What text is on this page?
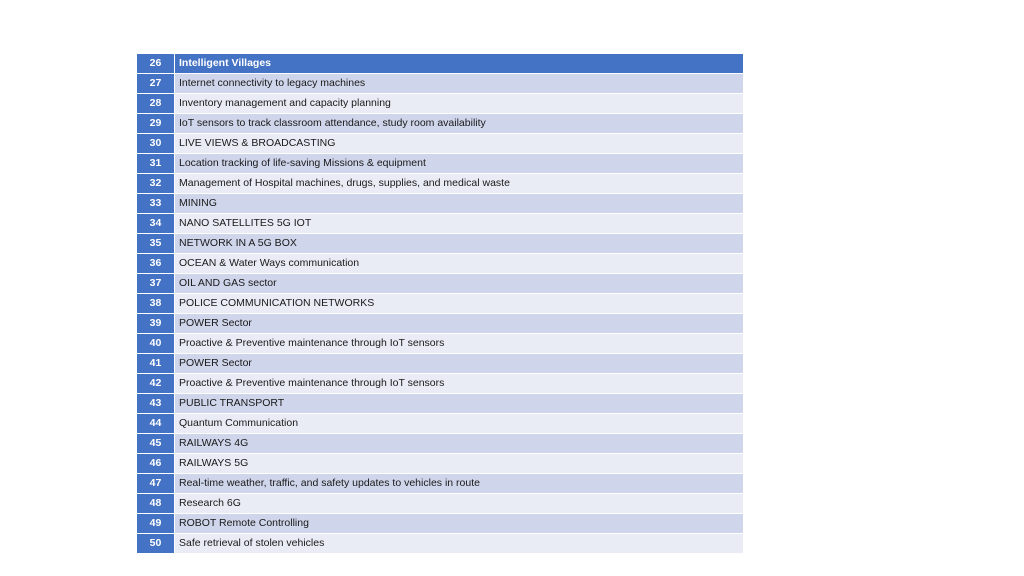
26	Intelligent Villages
27	Internet connectivity to legacy machines
28	Inventory management and capacity planning
29	IoT sensors to track classroom attendance, study room availability
30	LIVE VIEWS & BROADCASTING
31	Location tracking of life-saving Missions & equipment
32	Management of Hospital machines, drugs, supplies, and medical waste
33	MINING
34	NANO SATELLITES 5G IOT
35	NETWORK IN A 5G BOX
36	OCEAN & Water Ways communication
37	OIL AND GAS sector
38	POLICE COMMUNICATION NETWORKS
39	POWER Sector
40	Proactive & Preventive maintenance through IoT sensors
41	POWER Sector
42	Proactive & Preventive maintenance through IoT sensors
43	PUBLIC TRANSPORT
44	Quantum Communication
45	RAILWAYS 4G
46	RAILWAYS 5G
47	Real-time weather, traffic, and safety updates to vehicles in route
48	Research 6G
49	ROBOT Remote Controlling
50	Safe retrieval of stolen vehicles
